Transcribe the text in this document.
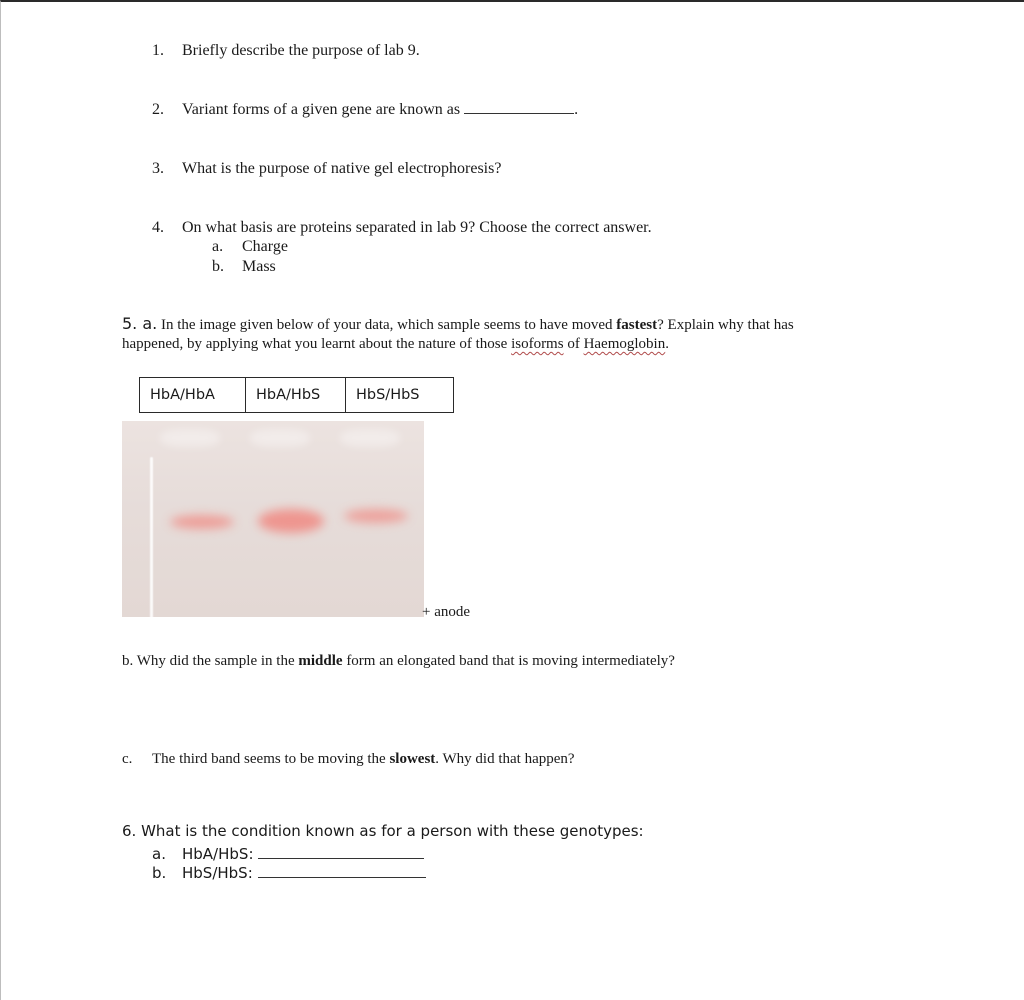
1. Briefly describe the purpose of lab 9.
2. Variant forms of a given gene are known as	.
3. What is the purpose of native gel electrophoresis?
4. On what basis are proteins separated in lab 9? Choose the correct answer.
a. Charge
b. Mass
5. a. In the image given below of your data, which sample seems to have moved fastest? Explain why that has
happened, by applying what you learnt about the nature of those isoforms of Haemoglobin.
HbA/HbA	HbA/HbS	HbS/HbS
+ anode
b. Why did the sample in the middle form an elongated band that is moving intermediately?
c. The third band seems to be moving the slowest. Why did that happen?
6. What is the condition known as for a person with these genotypes:
a. HbA/HbS:
b. HbS/HbS:
